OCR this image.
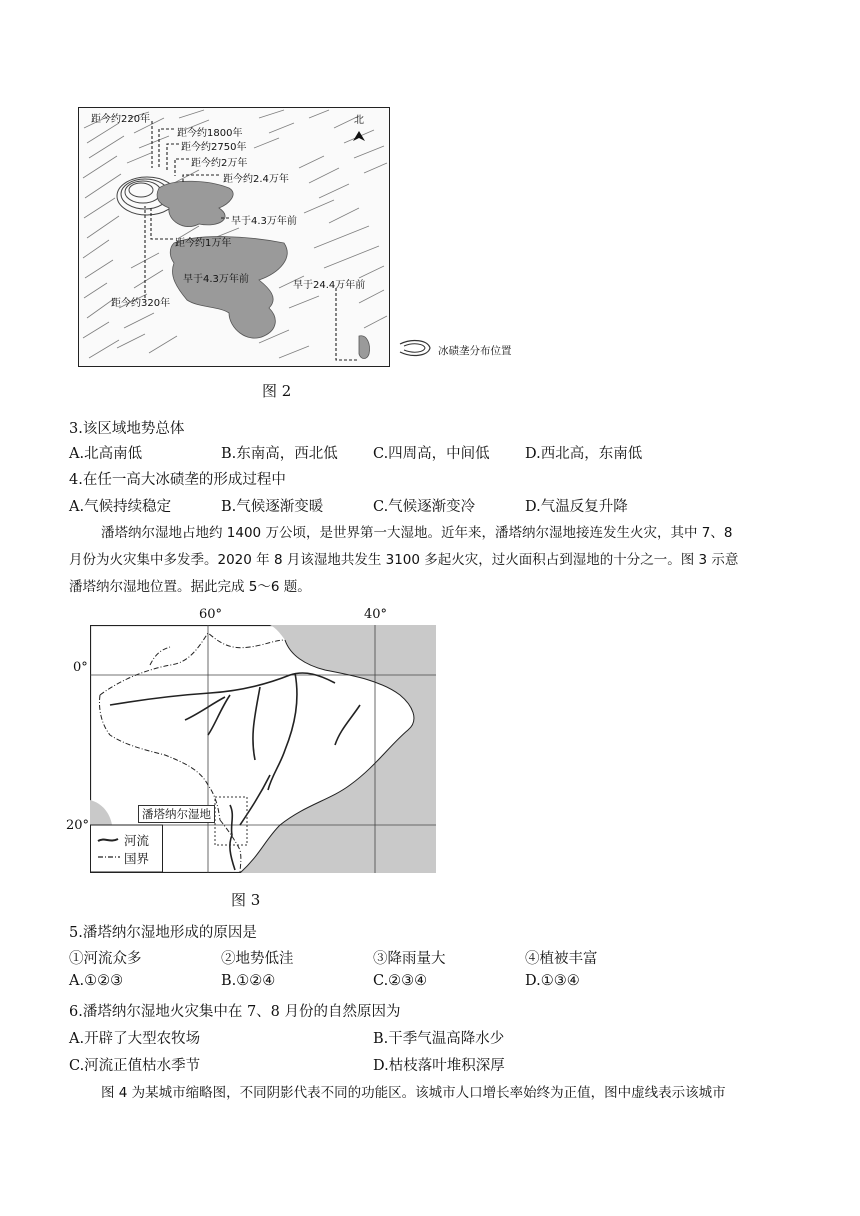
距今约220年
距今约1800年
距今约2750年
距今约2万年
距今约2.4万年
早于4.3万年前
距今约1万年
早于4.3万年前
早于24.4万年前
距今约320年
北
冰碛垄分布位置
图 2
3.该区域地势总体
A.北高南低	B.东南高，西北低 C.四周高，中间低 D.西北高，东南低
4.在任一高大冰碛垄的形成过程中
A.气候持续稳定	B.气候逐渐变暖	C.气候逐渐变冷	D.气温反复升降
潘塔纳尔湿地占地约 1400 万公顷，是世界第一大湿地。近年来，潘塔纳尔湿地接连发生火灾，其中 7、8
月份为火灾集中多发季。2020 年 8 月该湿地共发生 3100 多起火灾，过火面积占到湿地的十分之一。图 3 示意
潘塔纳尔湿地位置。据此完成 5～6 题。
60°	40°
0°
20°
潘塔纳尔湿地
河流
国界
图 3
5.潘塔纳尔湿地形成的原因是
①河流众多	②地势低洼	③降雨量大	④植被丰富
A.①②③	B.①②④	C.②③④	D.①③④
6.潘塔纳尔湿地火灾集中在 7、8 月份的自然原因为
A.开辟了大型农牧场	B.干季气温高降水少
C.河流正值枯水季节	D.枯枝落叶堆积深厚
图 4 为某城市缩略图，不同阴影代表不同的功能区。该城市人口增长率始终为正值，图中虚线表示该城市
